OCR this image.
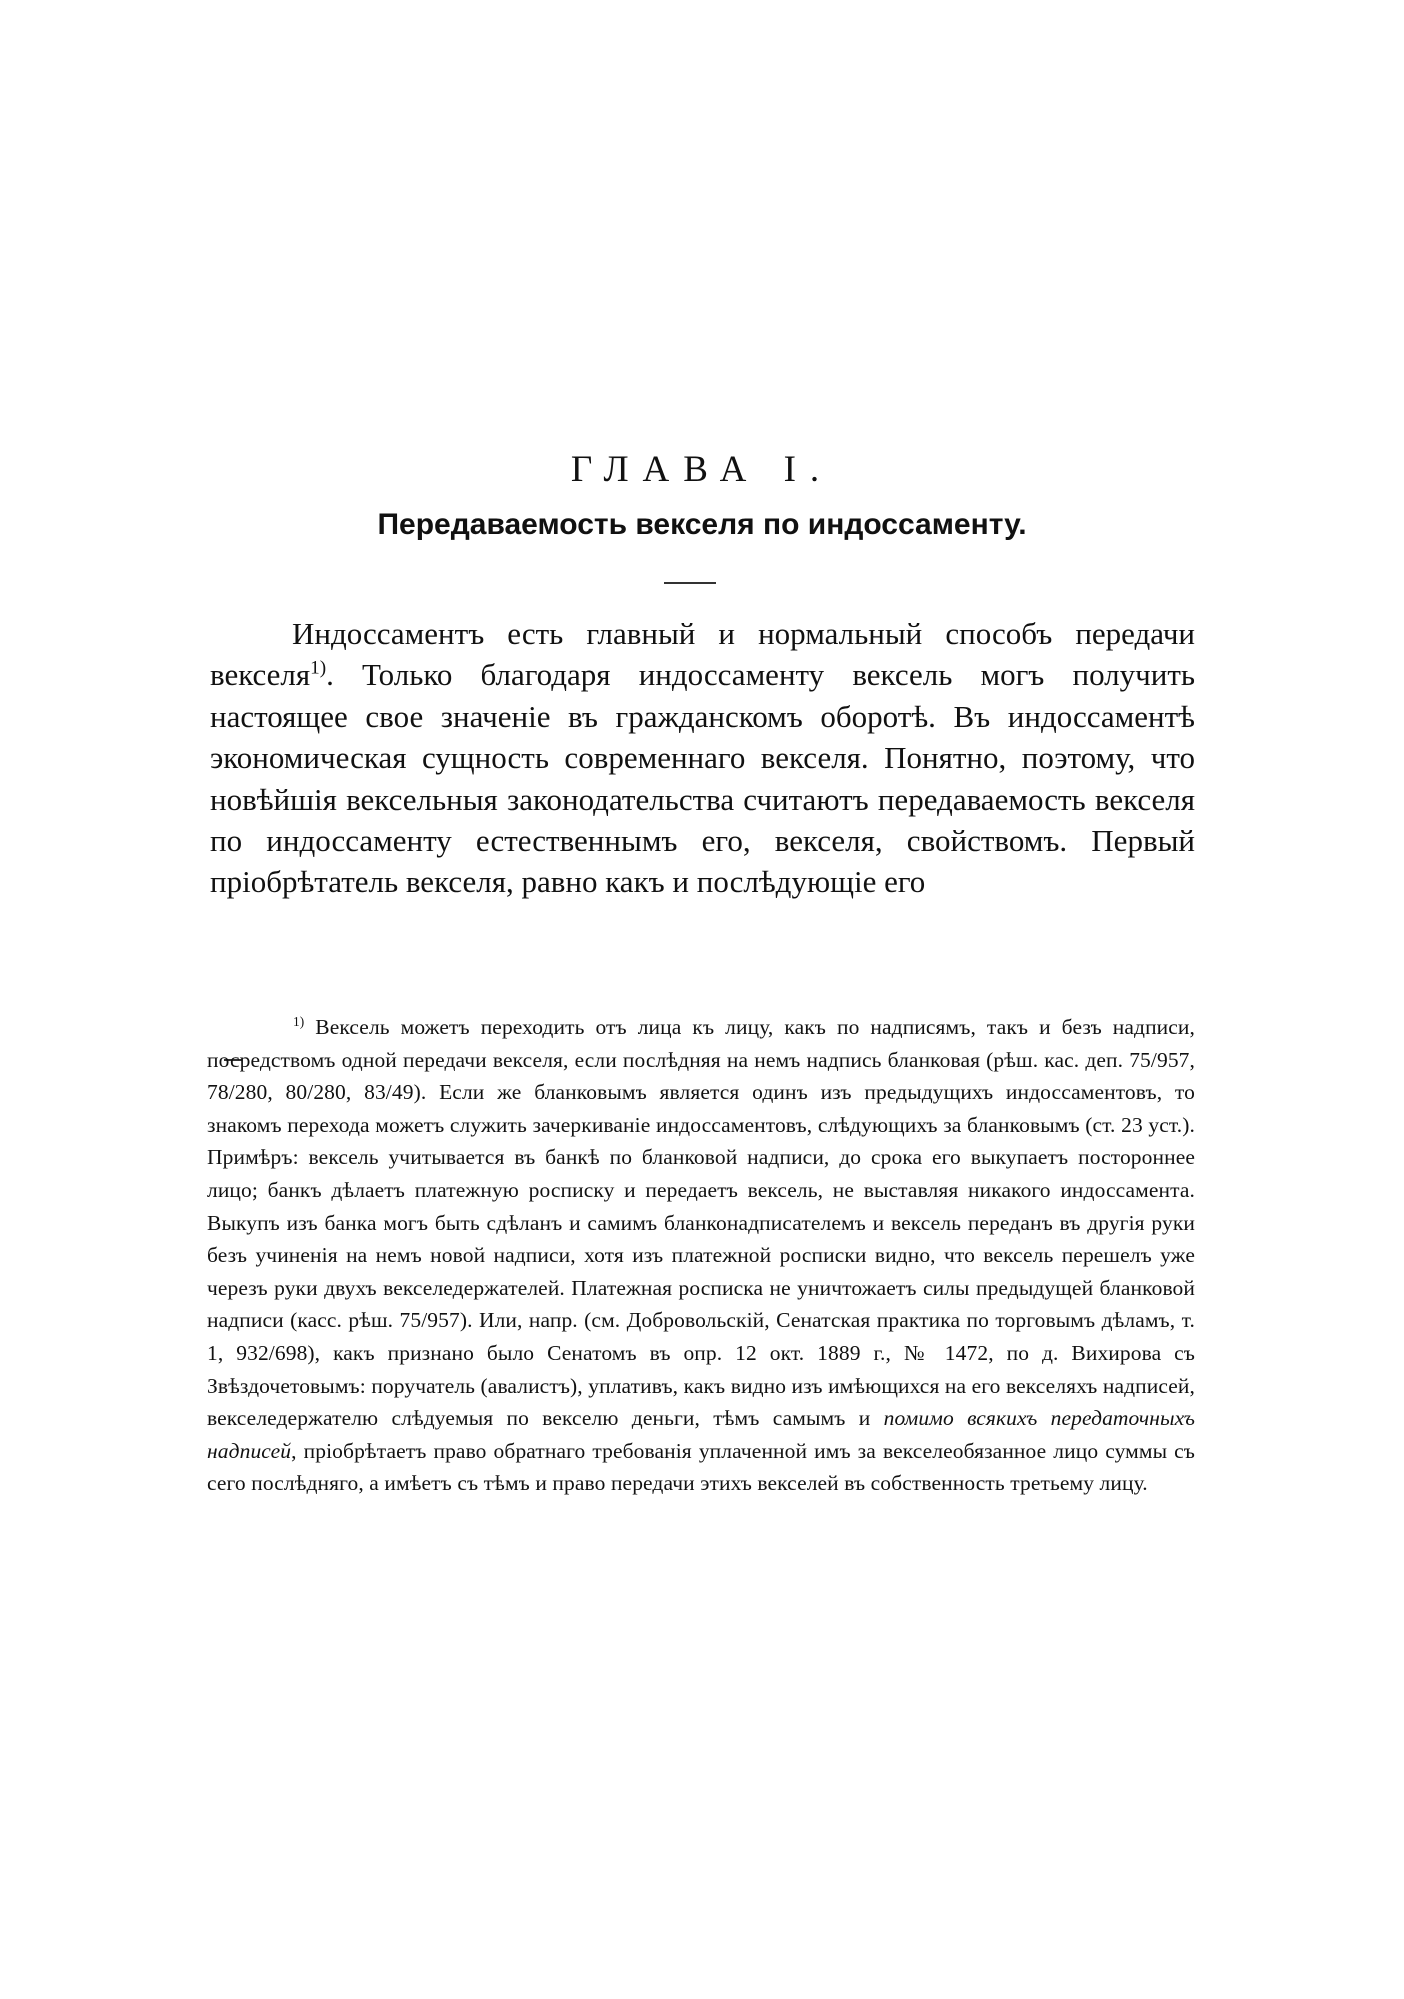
ГЛАВА I.
Передаваемость векселя по индоссаменту.

Индоссаментъ есть главный и нормальный способъ передачи векселя$^{1)}$. Только благодаря индоссаменту вексель могъ получить настоящее свое значеніе въ гражданскомъ оборотѣ. Въ индоссаментѣ экономическая сущность современнаго векселя. Понятно, поэтому, что новѣйшія вексельныя законодательства считаютъ передаваемость векселя по индоссаменту естественнымъ его, векселя, свойствомъ. Первый пріобрѣтатель векселя, равно какъ и послѣдующіе его

$^{1)}$ Вексель можетъ переходить отъ лица къ лицу, какъ по надписямъ, такъ и безъ надписи, посредствомъ одной передачи векселя, если послѣдняя на немъ надпись бланковая (рѣш. кас. деп. 75/957, 78/280, 80/280, 83/49). Если же бланковымъ является одинъ изъ предыдущихъ индоссаментовъ, то знакомъ перехода можетъ служить зачеркиваніе индоссаментовъ, слѣдующихъ за бланковымъ (ст. 23 уст.). Примѣръ: вексель учитывается въ банкѣ по бланковой надписи, до срока его выкупаетъ постороннее лицо; банкъ дѣлаетъ платежную росписку и передаетъ вексель, не выставляя никакого индоссамента. Выкупъ изъ банка могъ быть сдѣланъ и самимъ бланконадписателемъ и вексель переданъ въ другія руки безъ учиненія на немъ новой надписи, хотя изъ платежной росписки видно, что вексель перешелъ уже черезъ руки двухъ векселедержателей. Платежная росписка не уничтожаетъ силы предыдущей бланковой надписи (касс. рѣш. 75/957). Или, напр. (см. Добровольскій, Сенатская практика по торговымъ дѣламъ, т. 1, 932/698), какъ признано было Сенатомъ въ опр. 12 окт. 1889 г., № 1472, по д. Вихирова съ Звѣздочетовымъ: поручатель (авалистъ), уплативъ, какъ видно изъ имѣющихся на его векселяхъ надписей, векселедержателю слѣдуемыя по векселю деньги, тѣмъ самымъ и помимо всякихъ передаточныхъ надписей, пріобрѣтаетъ право обратнаго требованія уплаченной имъ за векселеобязанное лицо суммы съ сего послѣдняго, а имѣетъ съ тѣмъ и право передачи этихъ векселей въ собственность третьему лицу.
